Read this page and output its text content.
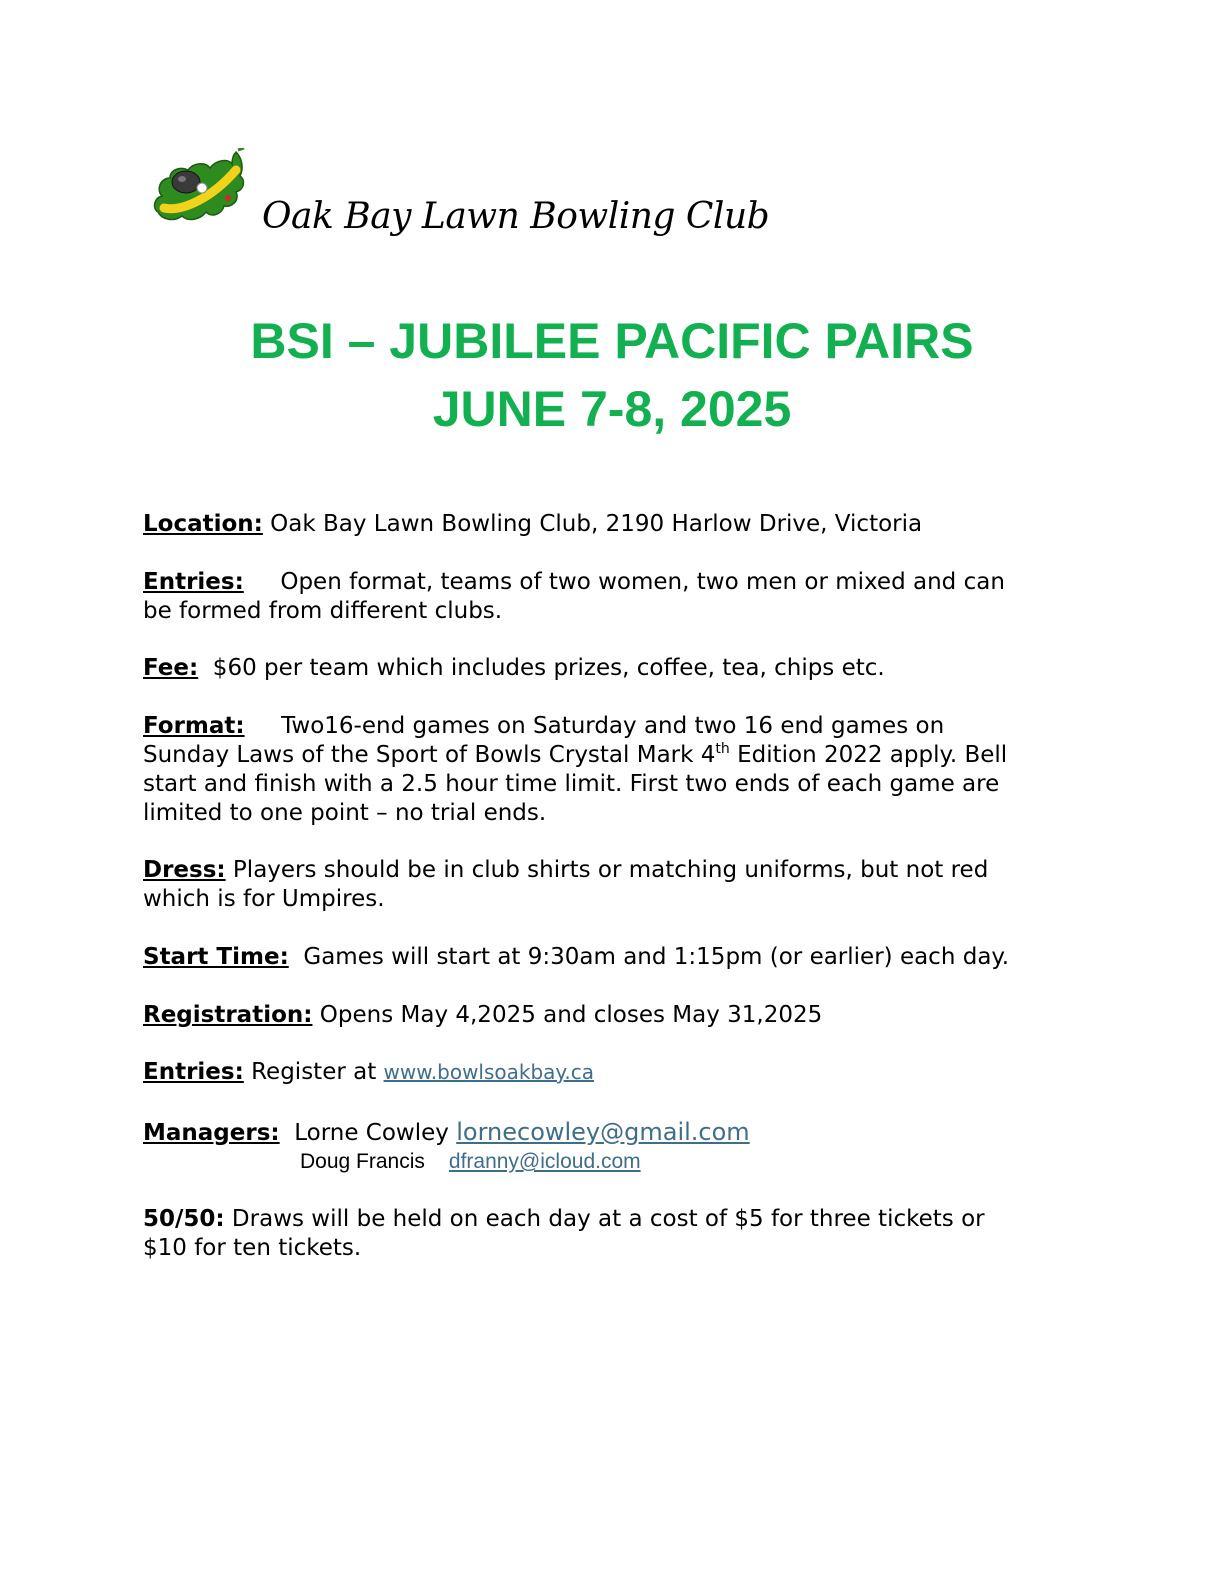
Oak Bay Lawn Bowling Club
BSI – JUBILEE PACIFIC PAIRS
JUNE 7-8, 2025
Location: Oak Bay Lawn Bowling Club, 2190 Harlow Drive, Victoria
Entries:     Open format, teams of two women, two men or mixed and can
be formed from different clubs.
Fee:  $60 per team which includes prizes, coffee, tea, chips etc.
Format:     Two16-end games on Saturday and two 16 end games on
Sunday Laws of the Sport of Bowls Crystal Mark 4th Edition 2022 apply. Bell
start and finish with a 2.5 hour time limit. First two ends of each game are
limited to one point – no trial ends.
Dress: Players should be in club shirts or matching uniforms, but not red
which is for Umpires.
Start Time:  Games will start at 9:30am and 1:15pm (or earlier) each day.
Registration: Opens May 4,2025 and closes May 31,2025
Entries: Register at www.bowlsoakbay.ca
Managers:  Lorne Cowley lornecowley@gmail.com
Doug Francis dfranny@icloud.com
50/50: Draws will be held on each day at a cost of $5 for three tickets or
$10 for ten tickets.
